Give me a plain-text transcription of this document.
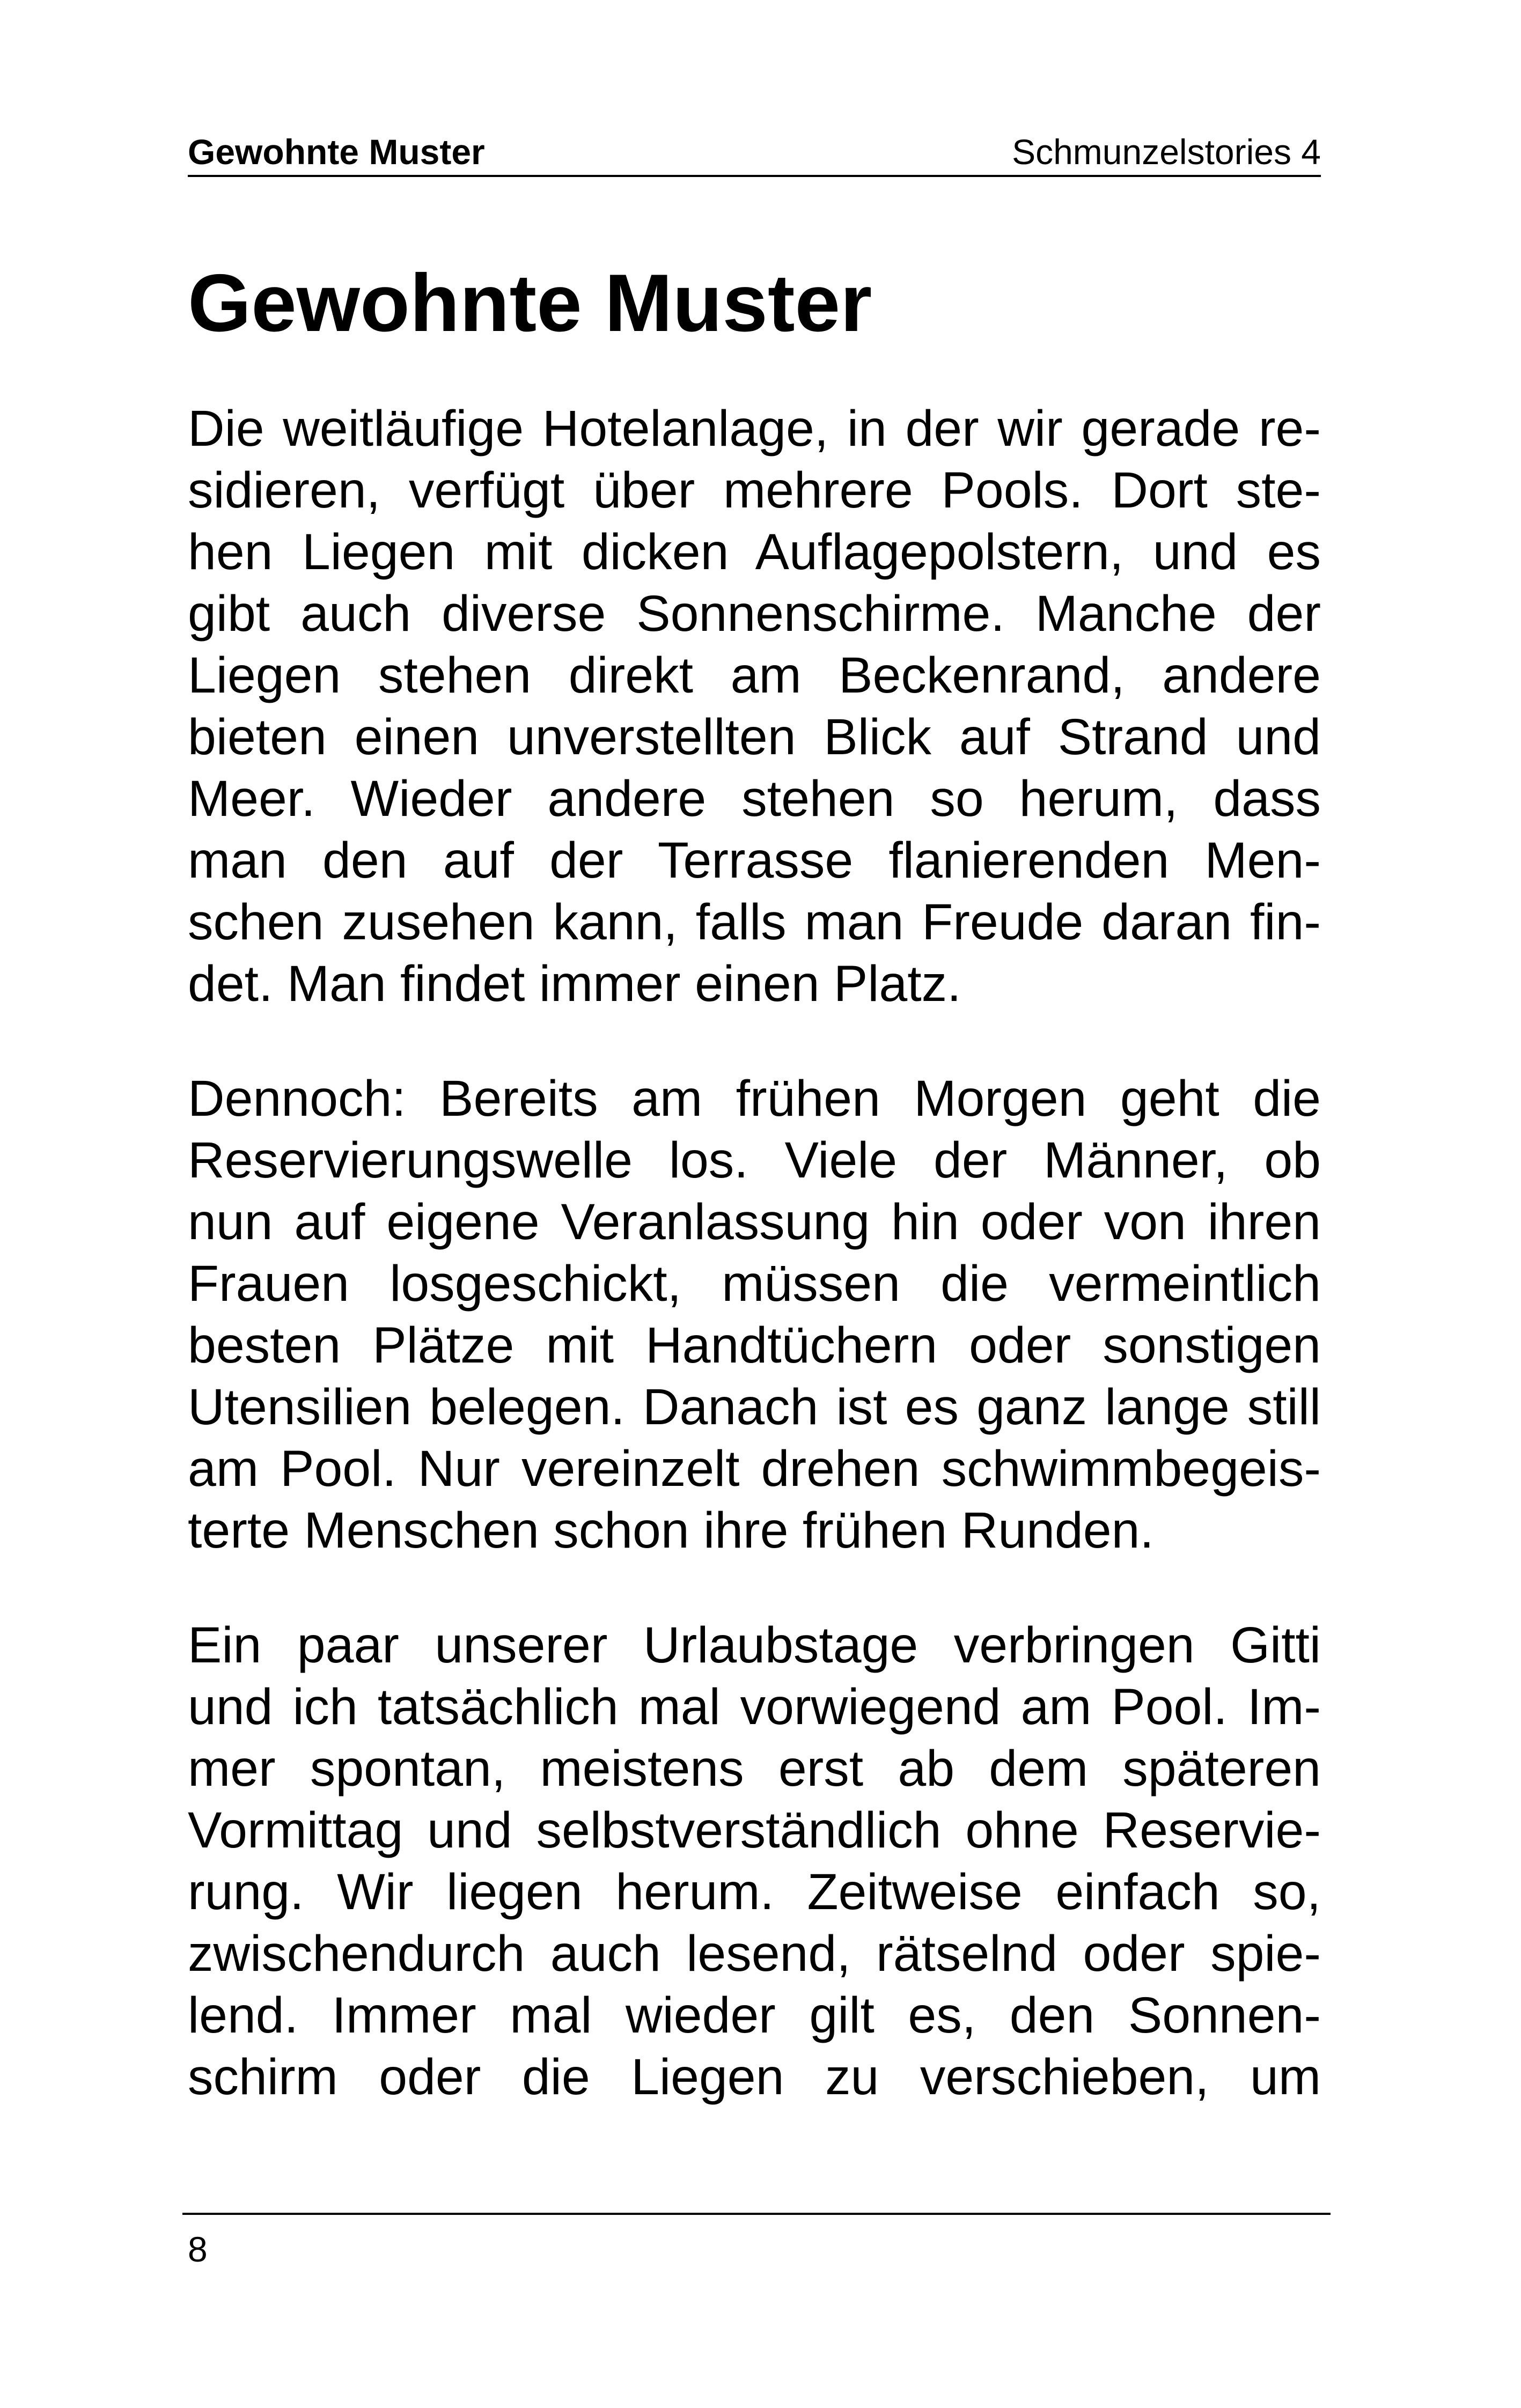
Gewohnte Muster	Schmunzelstories 4
Gewohnte Muster
Die weitläufige Hotelanlage, in der wir gerade re-
sidieren, verfügt über mehrere Pools. Dort ste-
hen Liegen mit dicken Auflagepolstern, und es
gibt auch diverse Sonnenschirme. Manche der
Liegen stehen direkt am Beckenrand, andere
bieten einen unverstellten Blick auf Strand und
Meer. Wieder andere stehen so herum, dass
man den auf der Terrasse flanierenden Men-
schen zusehen kann, falls man Freude daran fin-
det. Man findet immer einen Platz.
Dennoch: Bereits am frühen Morgen geht die
Reservierungswelle los. Viele der Männer, ob
nun auf eigene Veranlassung hin oder von ihren
Frauen losgeschickt, müssen die vermeintlich
besten Plätze mit Handtüchern oder sonstigen
Utensilien belegen. Danach ist es ganz lange still
am Pool. Nur vereinzelt drehen schwimmbegeis-
terte Menschen schon ihre frühen Runden.
Ein paar unserer Urlaubstage verbringen Gitti
und ich tatsächlich mal vorwiegend am Pool. Im-
mer spontan, meistens erst ab dem späteren
Vormittag und selbstverständlich ohne Reservie-
rung. Wir liegen herum. Zeitweise einfach so,
zwischendurch auch lesend, rätselnd oder spie-
lend. Immer mal wieder gilt es, den Sonnen-
schirm oder die Liegen zu verschieben, um
8
